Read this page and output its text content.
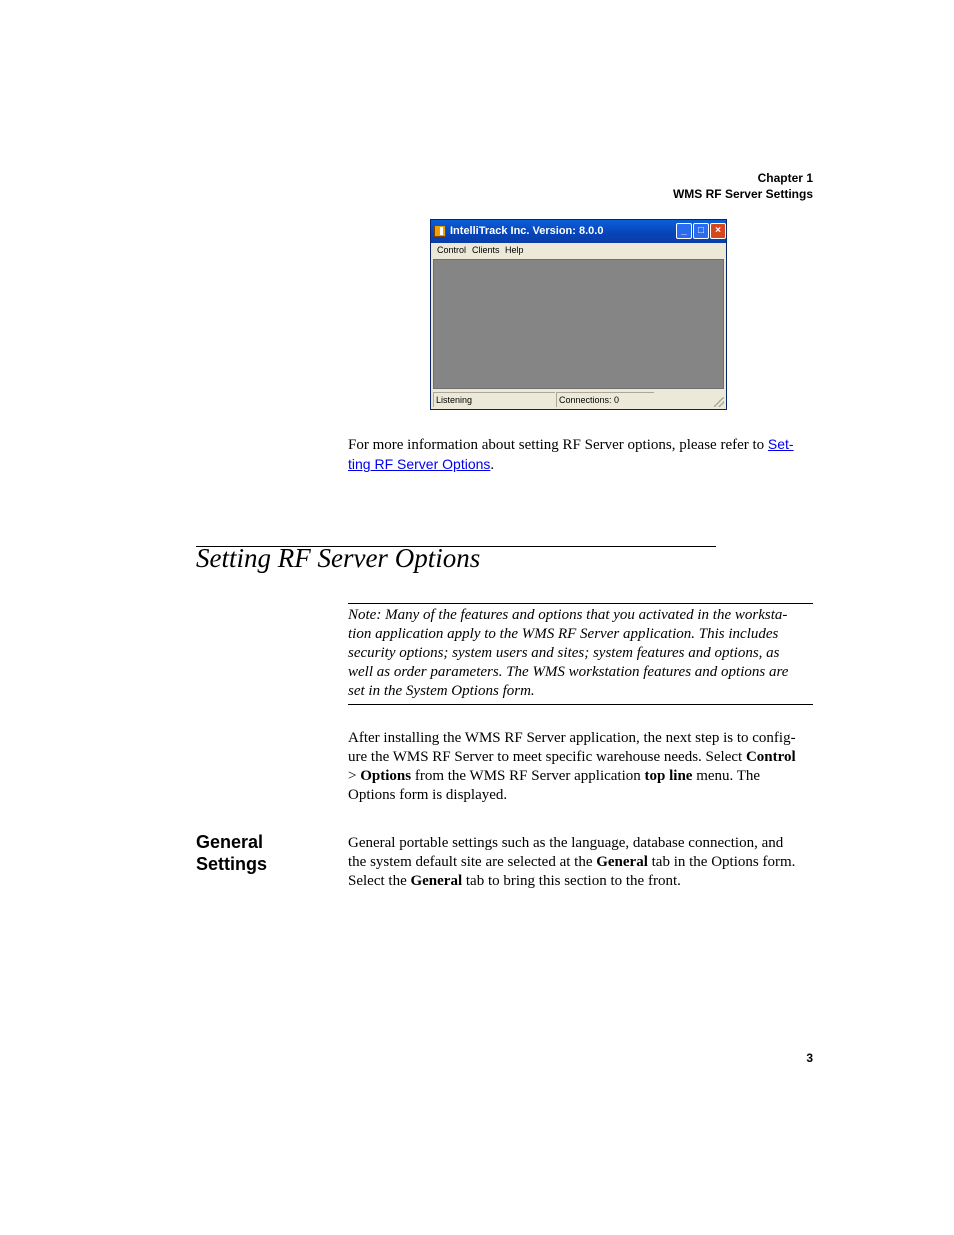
Chapter 1
WMS RF Server Settings
IntelliTrack Inc. Version: 8.0.0	_	□	×
Control Clients Help
Listening	Connections: 0
For more information about setting RF Server options, please refer to Set-
ting RF Server Options.
Setting RF Server Options
Note: Many of the features and options that you activated in the worksta-
tion application apply to the WMS RF Server application. This includes
security options; system users and sites; system features and options, as
well as order parameters. The WMS workstation features and options are
set in the System Options form.
After installing the WMS RF Server application, the next step is to config-
ure the WMS RF Server to meet specific warehouse needs. Select Control
> Options from the WMS RF Server application top line menu. The
Options form is displayed.
General
Settings
General portable settings such as the language, database connection, and
the system default site are selected at the General tab in the Options form.
Select the General tab to bring this section to the front.
3
